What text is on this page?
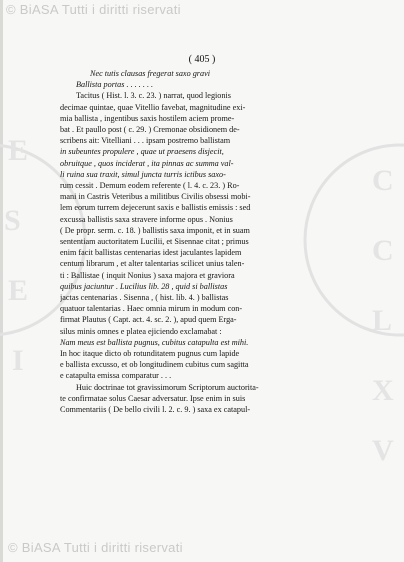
© BiASA Tutti i diritti riservati
E
S
E
I
C
C
L
X
V
( 405 )
Nec tutis clausas fregerat saxo gravi
Ballista portas . . . . . . .
Tacitus ( Hist. l. 3. c. 23. ) narrat, quod legionis
decimae quintae, quae Vitellio favebat, magnitudine exi-
mia ballista , ingentibus saxis hostilem aciem prome-
bat . Et paullo post ( c. 29. ) Cremonae obsidionem de-
scribens ait: Vitelliani . . . ipsam postremo ballistam
in subeuntes propulere , quae ut praesens disjecit,
obruitque , quos inciderat , ita pinnas ac summa val-
li ruina sua traxit, simul juncta turris ictibus saxo-
rum cessit . Demum eodem referente ( l. 4. c. 23. ) Ro-
mani in Castris Veteribus a militibus Civilis obsessi mobi-
lem eorum turrem dejecerunt saxis e ballistis emissis : sed
excussa ballistis saxa stravere informe opus . Nonius
( De propr. serm. c. 18. ) ballistis saxa imponit, et in suam
sententiam auctoritatem Lucilii, et Sisennae citat ; primus
enim facit ballistas centenarias idest jaculantes lapidem
centum librarum , et alter talentarias scilicet unius talen-
ti : Ballistae ( inquit Nonius ) saxa majora et graviora
quibus jaciuntur . Lucilius lib. 28 , quid si ballistas
jactas centenarias . Sisenna , ( hist. lib. 4. ) ballistas
quatuor talentarias . Haec omnia mirum in modum con-
firmat Plautus ( Capt. act. 4. sc. 2. ), apud quem Erga-
silus minis omnes e platea ejiciendo exclamabat :
Nam meus est ballista pugnus, cubitus catapulta est mihi.
In hoc itaque dicto ob rotunditatem pugnus cum lapide
e ballista excusso, et ob longitudinem cubitus cum sagitta
e catapulta emissa comparatur . . .
Huic doctrinae tot gravissimorum Scriptorum auctorita-
te confirmatae solus Caesar adversatur. Ipse enim in suis
Commentariis ( De bello civili l. 2. c. 9. ) saxa ex catapul-
© BiASA Tutti i diritti riservati
